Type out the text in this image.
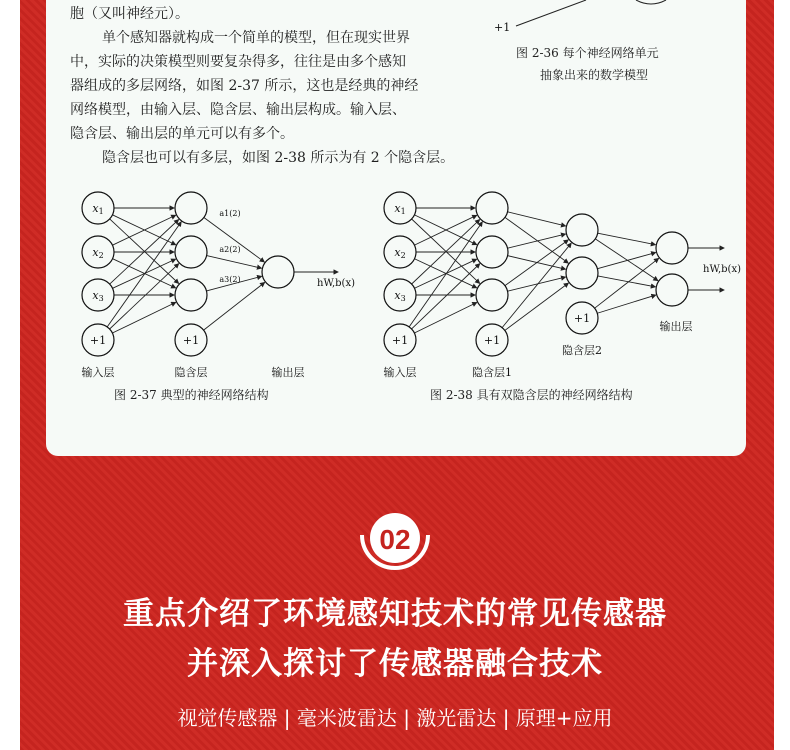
胞（又叫神经元）。
单个感知器就构成一个简单的模型，但在现实世界
中，实际的决策模型则要复杂得多，往往是由多个感知
器组成的多层网络，如图 2-37 所示，这也是经典的神经
网络模型，由输入层、隐含层、输出层构成。输入层、
隐含层、输出层的单元可以有多个。
隐含层也可以有多层，如图 2-38 所示为有 2 个隐含层。
+1
图 2-36 每个神经网络单元
抽象出来的数学模型
x1
x2
x3
+1	+1
a1(2)
a2(2)
a3(2)	hW,b(x)
输入层	隐含层	输出层
图 2-37 典型的神经网络结构
x1
x2
x3
+1	+1
+1
hW,b(x)
输入层	隐含层1
隐含层2
输出层
图 2-38 具有双隐含层的神经网络结构
02
重点介绍了环境感知技术的常见传感器
并深入探讨了传感器融合技术
视觉传感器 | 毫米波雷达 | 激光雷达 | 原理+应用
